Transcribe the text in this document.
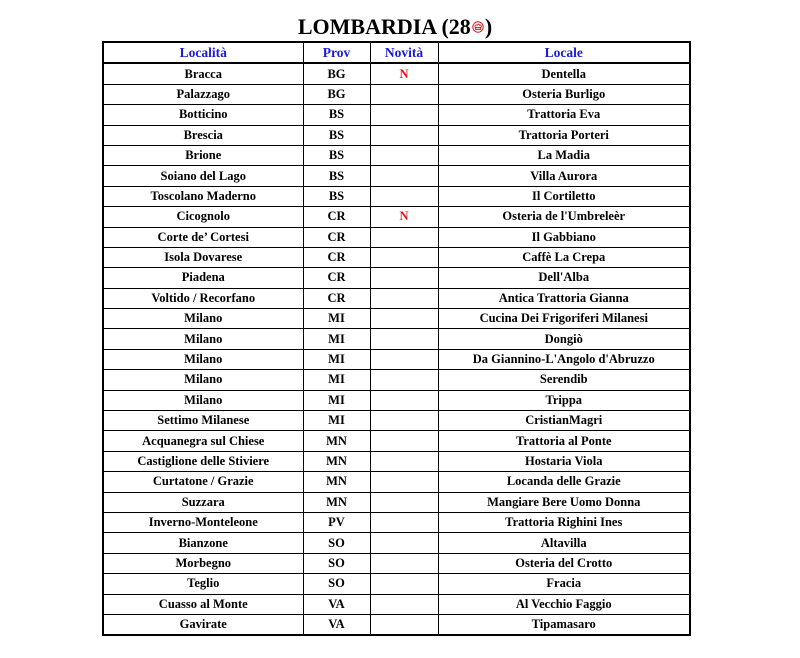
LOMBARDIA (28 )
Località	Prov	Novità	Locale
Bracca	BG	N	Dentella
Palazzago	BG		Osteria Burligo
Botticino	BS		Trattoria Eva
Brescia	BS		Trattoria Porteri
Brione	BS		La Madia
Soiano del Lago	BS		Villa Aurora
Toscolano Maderno	BS		Il Cortiletto
Cicognolo	CR	N	Osteria de l'Umbreleèr
Corte de’ Cortesi	CR		Il Gabbiano
Isola Dovarese	CR		Caffè La Crepa
Piadena	CR		Dell'Alba
Voltido / Recorfano	CR		Antica Trattoria Gianna
Milano	MI		Cucina Dei Frigoriferi Milanesi
Milano	MI		Dongiò
Milano	MI		Da Giannino-L'Angolo d'Abruzzo
Milano	MI		Serendib
Milano	MI		Trippa
Settimo Milanese	MI		CristianMagri
Acquanegra sul Chiese	MN		Trattoria al Ponte
Castiglione delle Stiviere	MN		Hostaria Viola
Curtatone / Grazie	MN		Locanda delle Grazie
Suzzara	MN		Mangiare Bere Uomo Donna
Inverno-Monteleone	PV		Trattoria Righini Ines
Bianzone	SO		Altavilla
Morbegno	SO		Osteria del Crotto
Teglio	SO		Fracia
Cuasso al Monte	VA		Al Vecchio Faggio
Gavirate	VA		Tipamasaro
